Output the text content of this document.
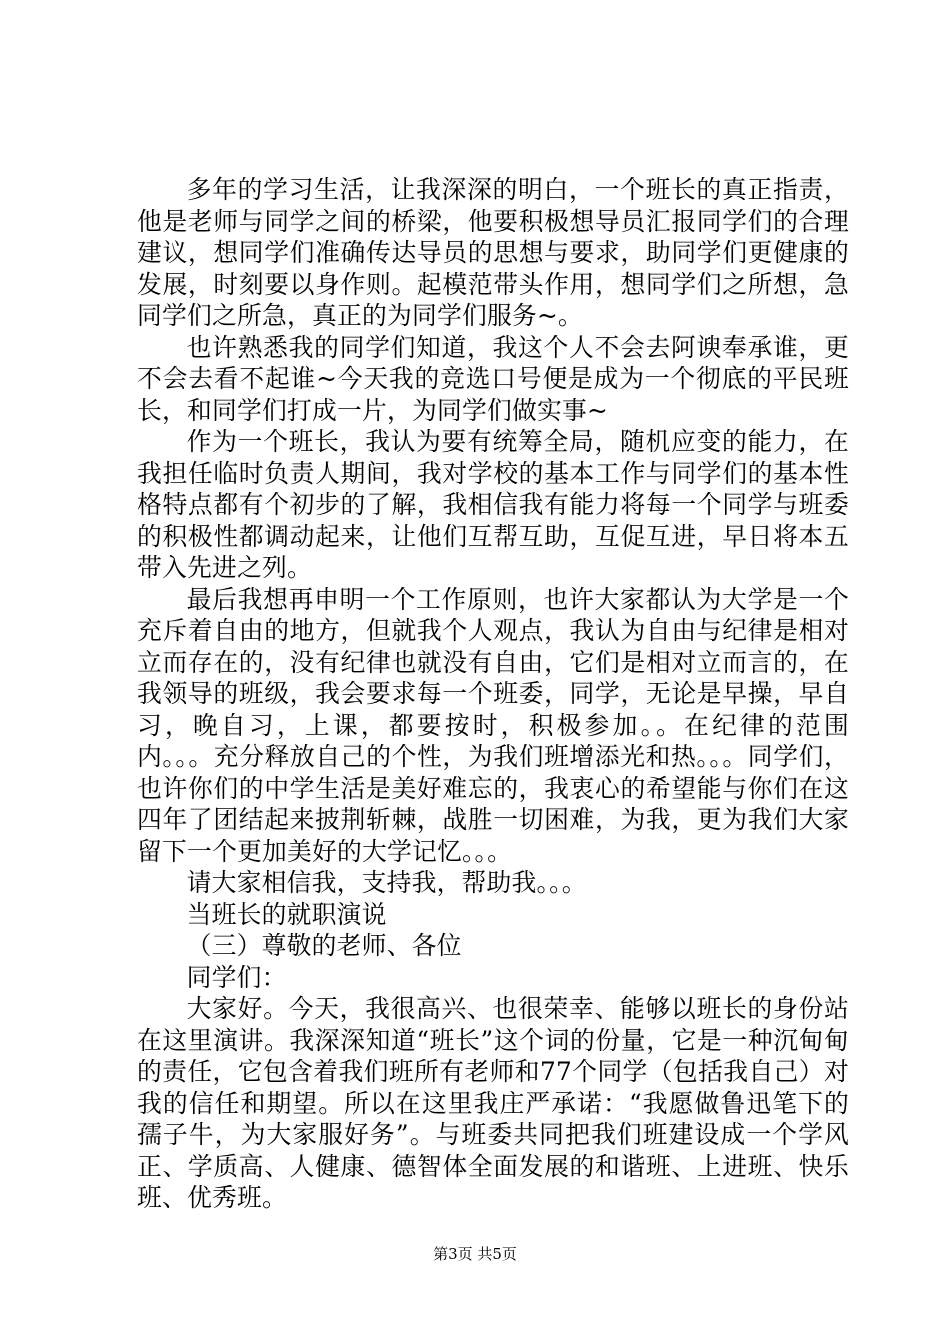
多年的学习生活，让我深深的明白，一个班长的真正指责，他是老师与同学之间的桥梁，他要积极想导员汇报同学们的合理建议，想同学们准确传达导员的思想与要求，助同学们更健康的发展，时刻要以身作则。起模范带头作用，想同学们之所想，急同学们之所急，真正的为同学们服务~。

也许熟悉我的同学们知道，我这个人不会去阿谀奉承谁，更不会去看不起谁~今天我的竞选口号便是成为一个彻底的平民班长，和同学们打成一片，为同学们做实事~

作为一个班长，我认为要有统筹全局，随机应变的能力，在我担任临时负责人期间，我对学校的基本工作与同学们的基本性格特点都有个初步的了解，我相信我有能力将每一个同学与班委的积极性都调动起来，让他们互帮互助，互促互进，早日将本五带入先进之列。

最后我想再申明一个工作原则，也许大家都认为大学是一个充斥着自由的地方，但就我个人观点，我认为自由与纪律是相对立而存在的，没有纪律也就没有自由，它们是相对立而言的，在我领导的班级，我会要求每一个班委，同学，无论是早操，早自习，晚自习，上课，都要按时，积极参加。。在纪律的范围内。。。充分释放自己的个性，为我们班增添光和热。。。同学们，也许你们的中学生活是美好难忘的，我衷心的希望能与你们在这四年了团结起来披荆斩棘，战胜一切困难，为我，更为我们大家留下一个更加美好的大学记忆。。。

请大家相信我，支持我，帮助我。。。

当班长的就职演说

（三）尊敬的老师、各位

同学们：

大家好。今天，我很高兴、也很荣幸、能够以班长的身份站在这里演讲。我深深知道“班长”这个词的份量，它是一种沉甸甸的责任，它包含着我们班所有老师和77个同学（包括我自己）对我的信任和期望。所以在这里我庄严承诺：“我愿做鲁迅笔下的孺子牛，为大家服好务”。与班委共同把我们班建设成一个学风正、学质高、人健康、德智体全面发展的和谐班、上进班、快乐班、优秀班。

第3页 共5页
